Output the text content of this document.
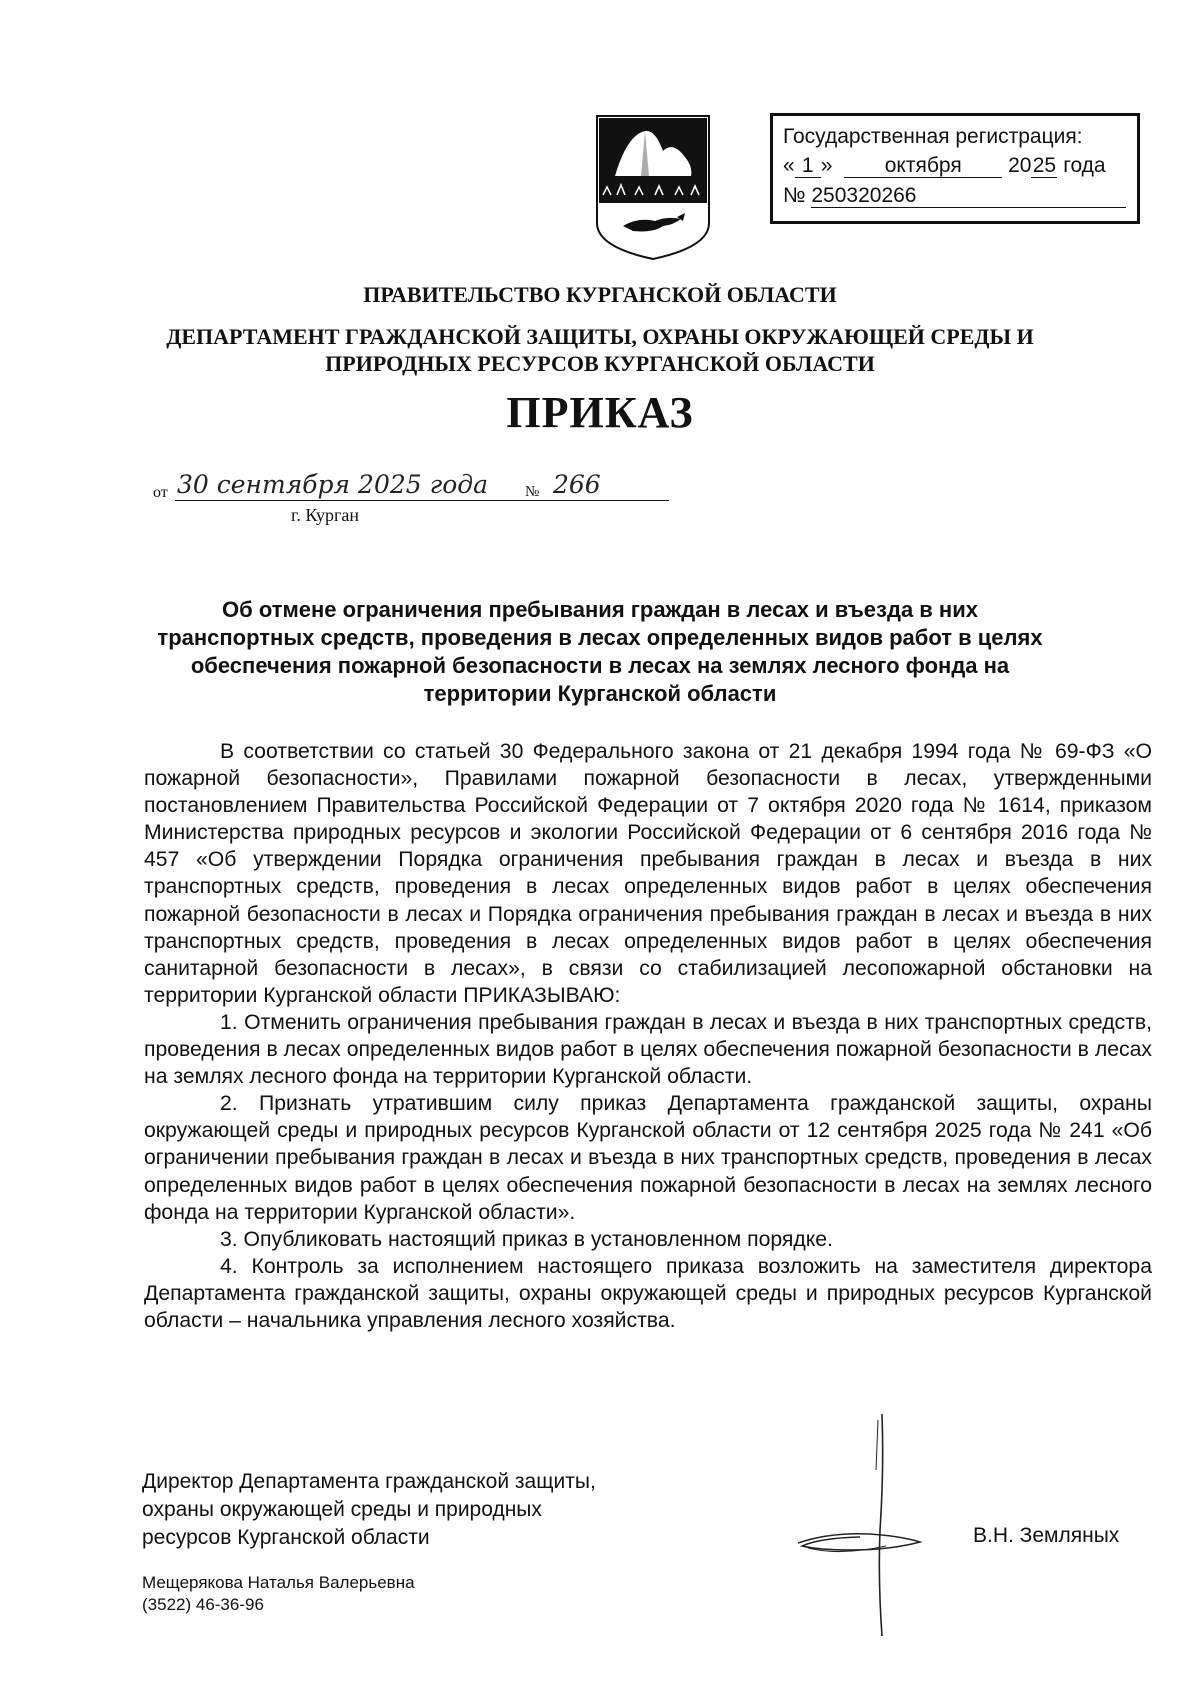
Государственная регистрация:
« 1 » октября 2025 года
№ 250320266
ПРАВИТЕЛЬСТВО КУРГАНСКОЙ ОБЛАСТИ
ДЕПАРТАМЕНТ ГРАЖДАНСКОЙ ЗАЩИТЫ, ОХРАНЫ ОКРУЖАЮЩЕЙ СРЕДЫ И
ПРИРОДНЫХ РЕСУРСОВ КУРГАНСКОЙ ОБЛАСТИ
ПРИКАЗ
от 30 сентября 2025 года № 266
г. Курган
Об отмене ограничения пребывания граждан в лесах и въезда в них
транспортных средств, проведения в лесах определенных видов работ в целях
обеспечения пожарной безопасности в лесах на землях лесного фонда на
территории Курганской области

В соответствии со статьей 30 Федерального закона от 21 декабря 1994 года № 69-ФЗ «О пожарной безопасности», Правилами пожарной безопасности в лесах, утвержденными постановлением Правительства Российской Федерации от 7 октября 2020 года № 1614, приказом Министерства природных ресурсов и экологии Российской Федерации от 6 сентября 2016 года № 457 «Об утверждении Порядка ограничения пребывания граждан в лесах и въезда в них транспортных средств, проведения в лесах определенных видов работ в целях обеспечения пожарной безопасности в лесах и Порядка ограничения пребывания граждан в лесах и въезда в них транспортных средств, проведения в лесах определенных видов работ в целях обеспечения санитарной безопасности в лесах», в связи со стабилизацией лесопожарной обстановки на территории Курганской области ПРИКАЗЫВАЮ:

1. Отменить ограничения пребывания граждан в лесах и въезда в них транспортных средств, проведения в лесах определенных видов работ в целях обеспечения пожарной безопасности в лесах на землях лесного фонда на территории Курганской области.

2. Признать утратившим силу приказ Департамента гражданской защиты, охраны окружающей среды и природных ресурсов Курганской области от 12 сентября 2025 года № 241 «Об ограничении пребывания граждан в лесах и въезда в них транспортных средств, проведения в лесах определенных видов работ в целях обеспечения пожарной безопасности в лесах на землях лесного фонда на территории Курганской области».

3. Опубликовать настоящий приказ в установленном порядке.

4. Контроль за исполнением настоящего приказа возложить на заместителя директора Департамента гражданской защиты, охраны окружающей среды и природных ресурсов Курганской области – начальника управления лесного хозяйства.

Директор Департамента гражданской защиты,
охраны окружающей среды и природных
ресурсов Курганской области	В.Н. Земляных
Мещерякова Наталья Валерьевна
(3522) 46-36-96
